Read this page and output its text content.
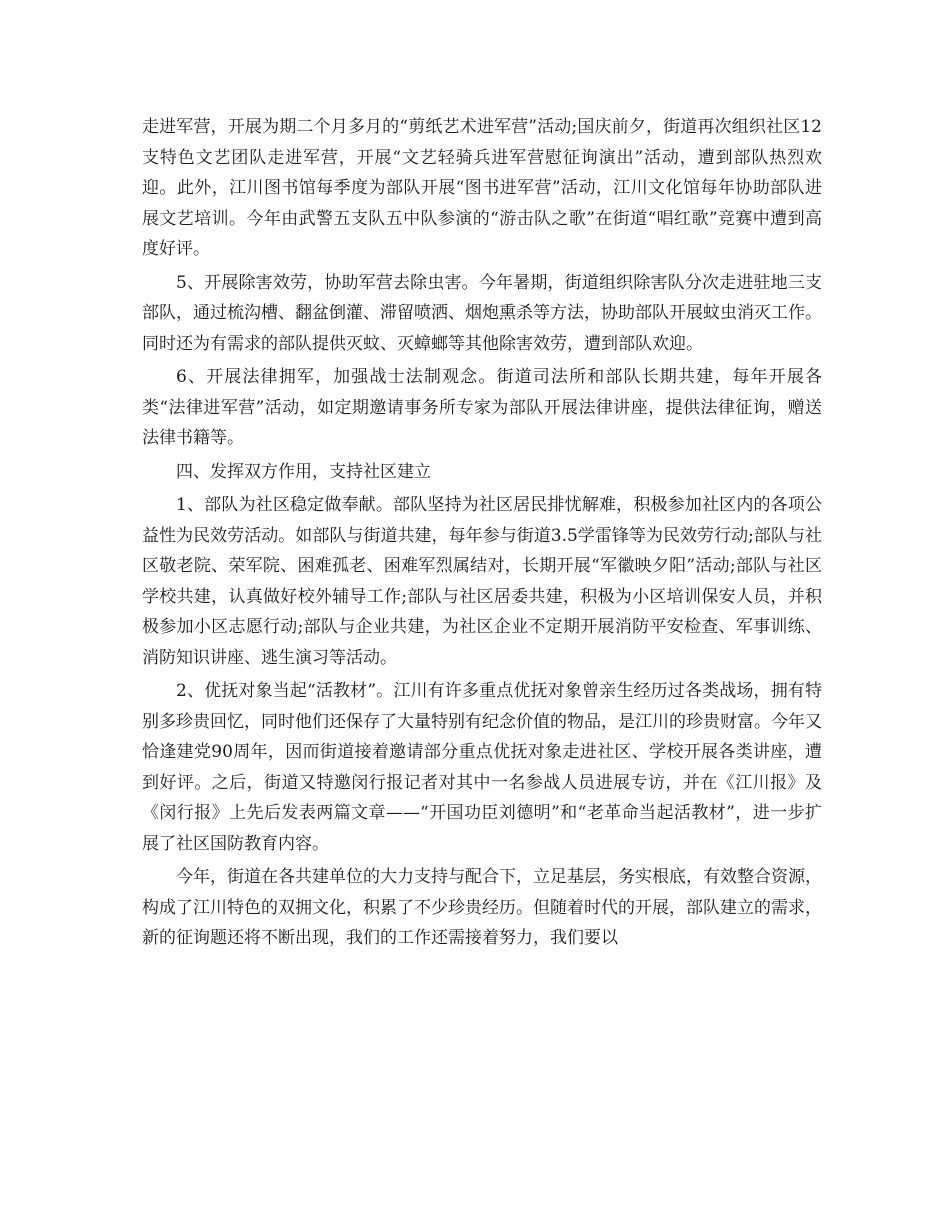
走进军营，开展为期二个月多月的“剪纸艺术进军营”活动;国庆前夕，街道再次组织社区12支特色文艺团队走进军营，开展“文艺轻骑兵进军营慰征询演出”活动，遭到部队热烈欢迎。此外，江川图书馆每季度为部队开展“图书进军营”活动，江川文化馆每年协助部队进展文艺培训。今年由武警五支队五中队参演的“游击队之歌”在街道“唱红歌”竞赛中遭到高度好评。

5、开展除害效劳，协助军营去除虫害。今年暑期，街道组织除害队分次走进驻地三支部队，通过梳沟槽、翻盆倒灌、滞留喷洒、烟炮熏杀等方法，协助部队开展蚊虫消灭工作。同时还为有需求的部队提供灭蚊、灭蟑螂等其他除害效劳，遭到部队欢迎。

6、开展法律拥军，加强战士法制观念。街道司法所和部队长期共建，每年开展各类“法律进军营”活动，如定期邀请事务所专家为部队开展法律讲座，提供法律征询，赠送法律书籍等。

四、发挥双方作用，支持社区建立

1、部队为社区稳定做奉献。部队坚持为社区居民排忧解难，积极参加社区内的各项公益性为民效劳活动。如部队与街道共建，每年参与街道3.5学雷锋等为民效劳行动;部队与社区敬老院、荣军院、困难孤老、困难军烈属结对，长期开展“军徽映夕阳”活动;部队与社区学校共建，认真做好校外辅导工作;部队与社区居委共建，积极为小区培训保安人员，并积极参加小区志愿行动;部队与企业共建，为社区企业不定期开展消防平安检查、军事训练、消防知识讲座、逃生演习等活动。

2、优抚对象当起“活教材”。江川有许多重点优抚对象曾亲生经历过各类战场，拥有特别多珍贵回忆，同时他们还保存了大量特别有纪念价值的物品，是江川的珍贵财富。今年又恰逢建党90周年，因而街道接着邀请部分重点优抚对象走进社区、学校开展各类讲座，遭到好评。之后，街道又特邀闵行报记者对其中一名参战人员进展专访，并在《江川报》及《闵行报》上先后发表两篇文章——“开国功臣刘德明”和“老革命当起活教材”，进一步扩展了社区国防教育内容。

今年，街道在各共建单位的大力支持与配合下，立足基层，务实根底，有效整合资源，构成了江川特色的双拥文化，积累了不少珍贵经历。但随着时代的开展，部队建立的需求，新的征询题还将不断出现，我们的工作还需接着努力，我们要以
